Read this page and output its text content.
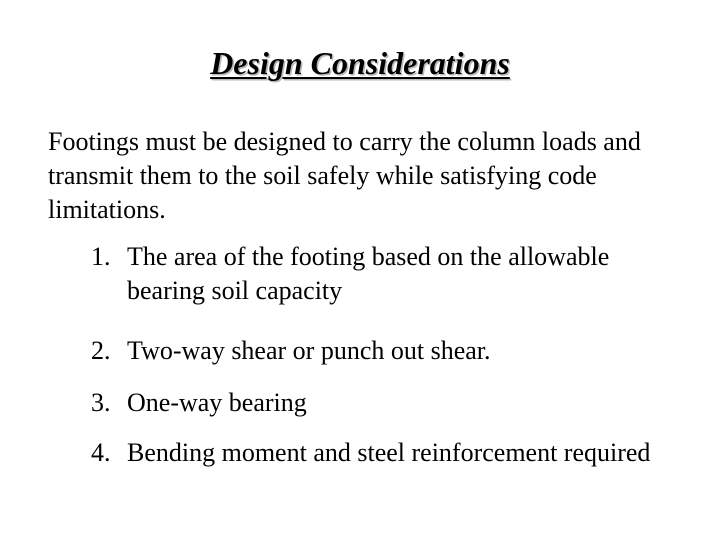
Design Considerations
Footings must be designed to carry the column loads and transmit them to the soil safely while satisfying code limitations.
1. The area of the footing based on the allowable bearing soil capacity
2. Two-way shear or punch out shear.
3. One-way bearing
4. Bending moment and steel reinforcement required
